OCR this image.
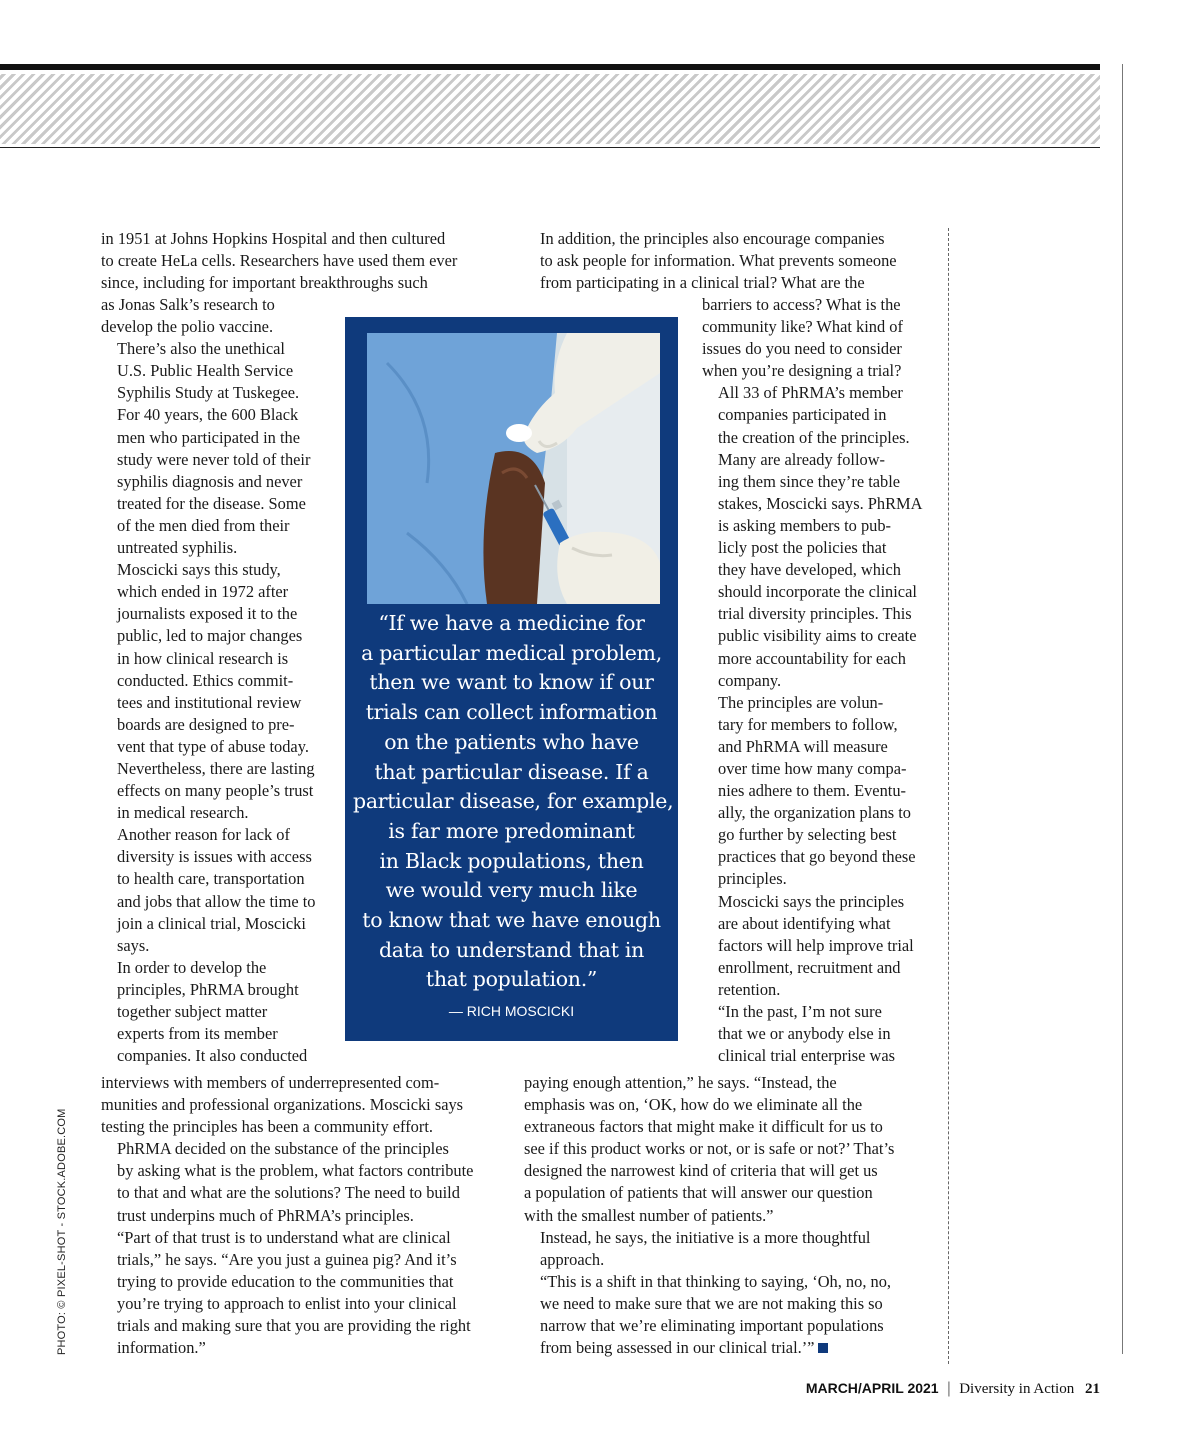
in 1951 at Johns Hopkins Hospital and then cultured
to create HeLa cells. Researchers have used them ever
since, including for important breakthroughs such

as Jonas Salk’s research to
develop the polio vaccine.

There’s also the unethical
U.S. Public Health Service
Syphilis Study at Tuskegee.
For 40 years, the 600 Black
men who participated in the
study were never told of their
syphilis diagnosis and never
treated for the disease. Some
of the men died from their
untreated syphilis.

Moscicki says this study,
which ended in 1972 after
journalists exposed it to the
public, led to major changes
in how clinical research is
conducted. Ethics commit-
tees and institutional review
boards are designed to pre-
vent that type of abuse today.
Nevertheless, there are lasting
effects on many people’s trust
in medical research.

Another reason for lack of
diversity is issues with access
to health care, transportation
and jobs that allow the time to
join a clinical trial, Moscicki
says.

In order to develop the
principles, PhRMA brought
together subject matter
experts from its member
companies. It also conducted

interviews with members of underrepresented com-
munities and professional organizations. Moscicki says
testing the principles has been a community effort.

PhRMA decided on the substance of the principles
by asking what is the problem, what factors contribute
to that and what are the solutions? The need to build
trust underpins much of PhRMA’s principles.

“Part of that trust is to understand what are clinical
trials,” he says. “Are you just a guinea pig? And it’s
trying to provide education to the communities that
you’re trying to approach to enlist into your clinical
trials and making sure that you are providing the right
information.”

“If we have a medicine for
a particular medical problem,
then we want to know if our
trials can collect information
on the patients who have
that particular disease. If a
particular disease, for example,
is far more predominant
in Black populations, then
we would very much like
to know that we have enough
data to understand that in
that population.”
— RICH MOSCICKI

In addition, the principles also encourage companies
to ask people for information. What prevents someone
from participating in a clinical trial? What are the

barriers to access? What is the
community like? What kind of
issues do you need to consider
when you’re designing a trial?

All 33 of PhRMA’s member
companies participated in
the creation of the principles.
Many are already follow-
ing them since they’re table
stakes, Moscicki says. PhRMA
is asking members to pub-
licly post the policies that
they have developed, which
should incorporate the clinical
trial diversity principles. This
public visibility aims to create
more accountability for each
company.

The principles are volun-
tary for members to follow,
and PhRMA will measure
over time how many compa-
nies adhere to them. Eventu-
ally, the organization plans to
go further by selecting best
practices that go beyond these
principles.

Moscicki says the principles
are about identifying what
factors will help improve trial
enrollment, recruitment and
retention.

“In the past, I’m not sure
that we or anybody else in
clinical trial enterprise was

paying enough attention,” he says. “Instead, the
emphasis was on, ‘OK, how do we eliminate all the
extraneous factors that might make it difficult for us to
see if this product works or not, or is safe or not?’ That’s
designed the narrowest kind of criteria that will get us
a population of patients that will answer our question
with the smallest number of patients.”

Instead, he says, the initiative is a more thoughtful
approach.

“This is a shift in that thinking to saying, ‘Oh, no, no,
we need to make sure that we are not making this so
narrow that we’re eliminating important populations
from being assessed in our clinical trial.’”

PHOTO: © PIXEL-SHOT - STOCK.ADOBE.COM
MARCH/APRIL 2021 | Diversity in Action 21
